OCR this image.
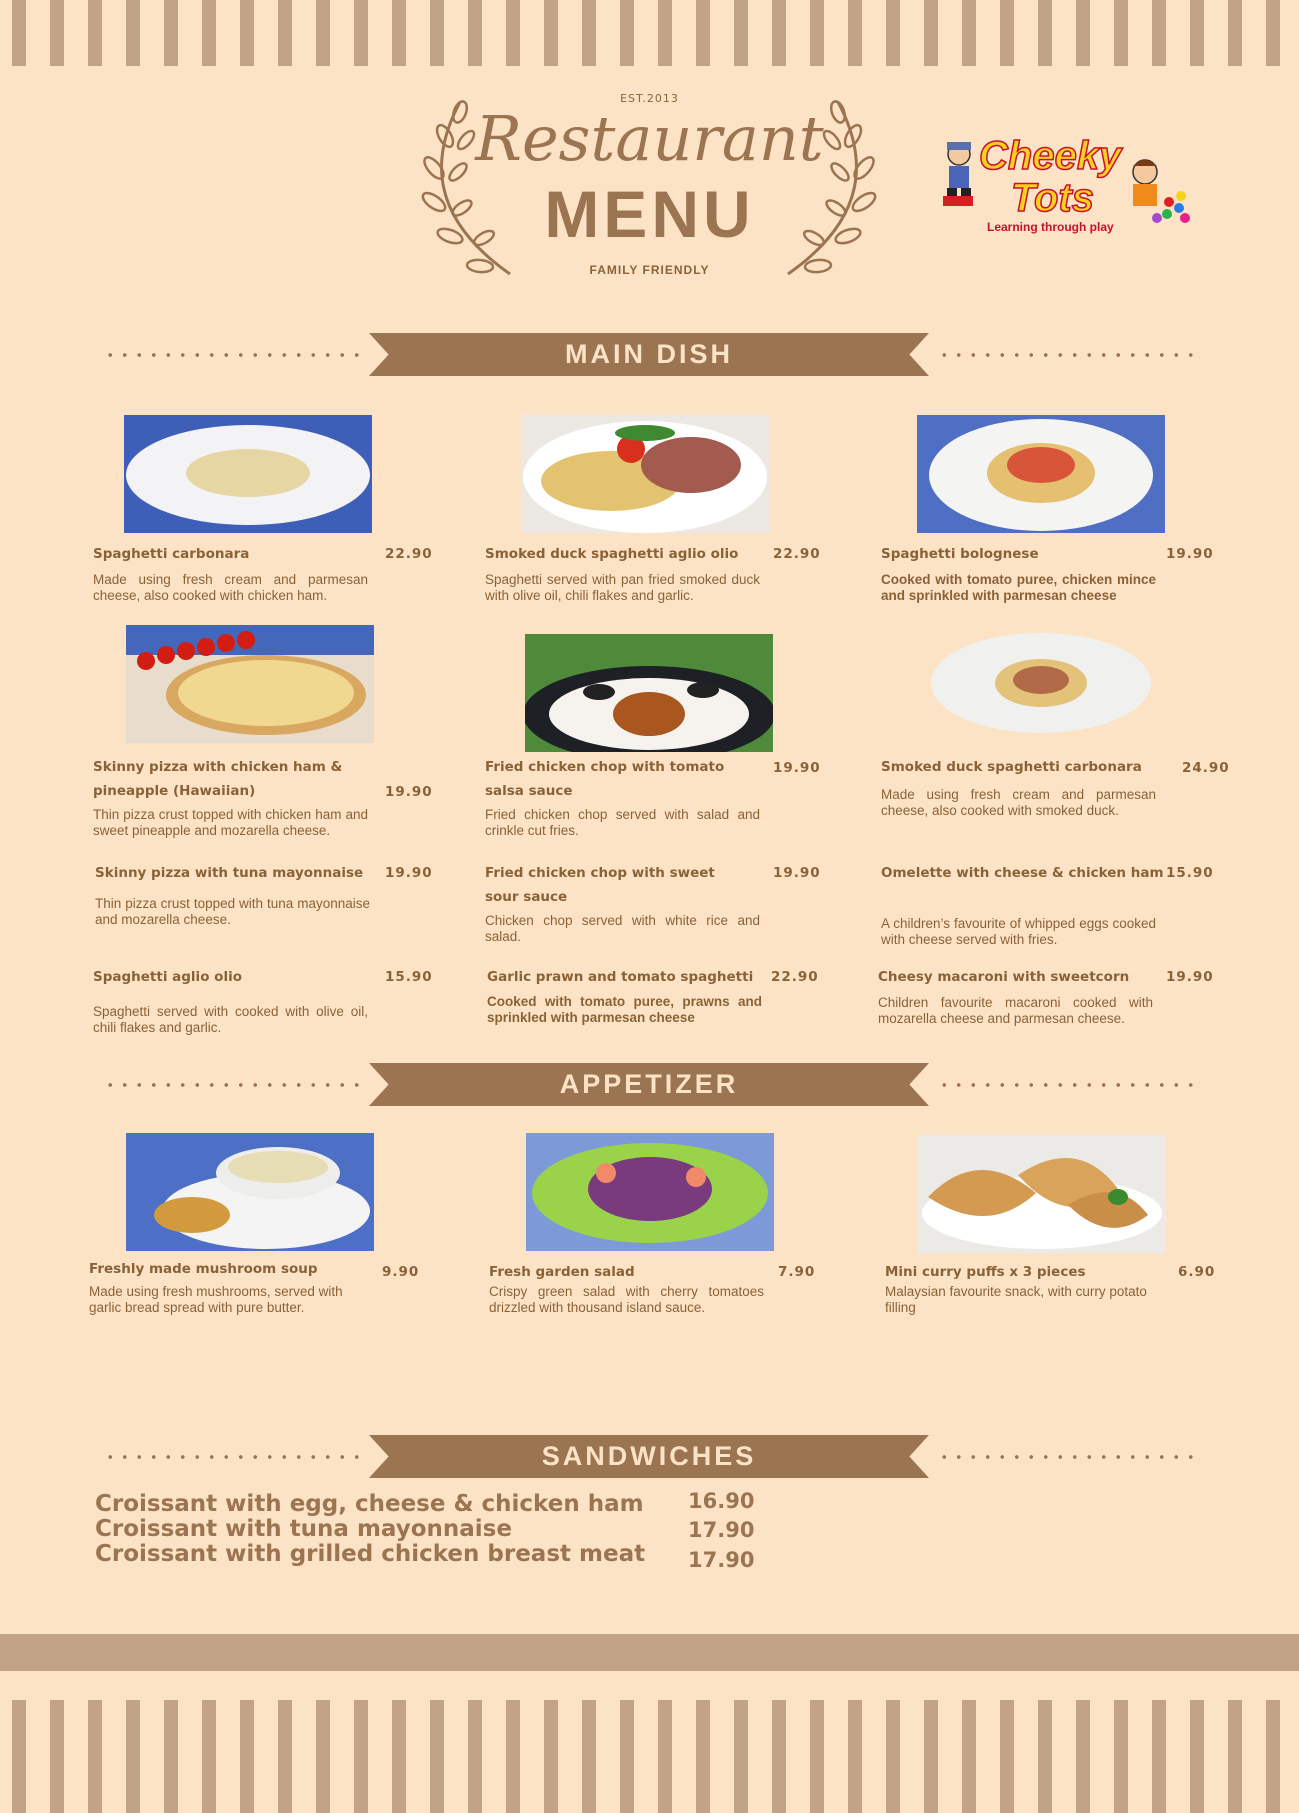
EST.2013
Restaurant
MENU
FAMILY FRIENDLY
Cheeky
Tots
Learning through play
MAIN DISH
Spaghetti carbonara	22.90
Made using fresh cream and parmesan cheese, also cooked with chicken ham.
Smoked duck spaghetti aglio olio	22.90
Spaghetti served with pan fried smoked duck with olive oil, chili flakes and garlic.
Spaghetti bolognese	19.90
Cooked with tomato puree, chicken mince and sprinkled with parmesan cheese
Skinny pizza with chicken ham & pineapple (Hawaiian)	19.90
Thin pizza crust topped with chicken ham and sweet pineapple and mozarella cheese.
Fried chicken chop with tomato salsa sauce
19.90
Fried chicken chop served with salad and crinkle cut fries.
Smoked duck spaghetti carbonara	24.90
Made using fresh cream and parmesan cheese, also cooked with smoked duck.
Skinny pizza with tuna mayonnaise 19.90
Thin pizza crust topped with tuna mayonnaise and mozarella cheese.
Fried chicken chop with sweet sour sauce
19.90
Chicken chop served with white rice and salad.
Omelette with cheese & chicken ham 15.90
A children’s favourite of whipped eggs cooked with cheese served with fries.
Spaghetti aglio olio	15.90
Spaghetti served with cooked with olive oil, chili flakes and garlic.
Garlic prawn and tomato spaghetti 22.90
Cooked with tomato puree, prawns and sprinkled with parmesan cheese
Cheesy macaroni with sweetcorn	19.90
Children favourite macaroni cooked with mozarella cheese and parmesan cheese.
APPETIZER
Freshly made mushroom soup	9.90
Made using fresh mushrooms, served with garlic bread spread with pure butter.
Fresh garden salad	7.90
Crispy green salad with cherry tomatoes drizzled with thousand island sauce.
Mini curry puffs x 3 pieces	6.90
Malaysian favourite snack, with curry potato filling
SANDWICHES
Croissant with egg, cheese & chicken ham 16.90
Croissant with tuna mayonnaise	17.90
Croissant with grilled chicken breast meat 17.90
